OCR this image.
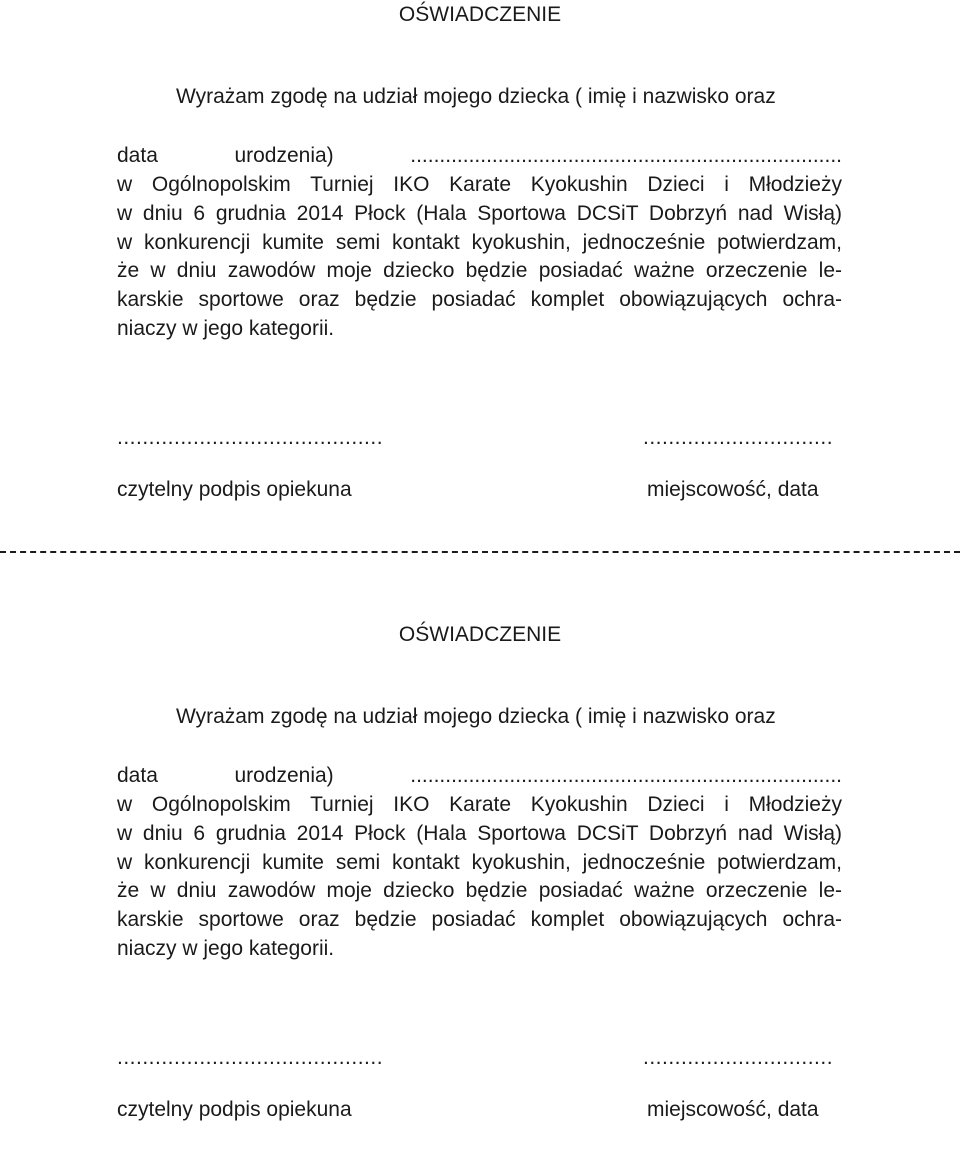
OŚWIADCZENIE
Wyrażam zgodę na udział mojego dziecka ( imię i nazwisko oraz
data urodzenia) ..........................................................................
w Ogólnopolskim Turniej IKO Karate Kyokushin Dzieci i Młodzieży
w dniu 6 grudnia 2014 Płock (Hala Sportowa DCSiT Dobrzyń nad Wisłą)
w konkurencji kumite semi kontakt kyokushin, jednocześnie potwierdzam,
że w dniu zawodów moje dziecko będzie posiadać ważne orzeczenie le-
karskie sportowe oraz będzie posiadać komplet obowiązujących ochra-
niaczy w jego kategorii.
..........................................	..............................
czytelny podpis opiekuna	miejscowość, data
OŚWIADCZENIE
Wyrażam zgodę na udział mojego dziecka ( imię i nazwisko oraz
data urodzenia) ..........................................................................
w Ogólnopolskim Turniej IKO Karate Kyokushin Dzieci i Młodzieży
w dniu 6 grudnia 2014 Płock (Hala Sportowa DCSiT Dobrzyń nad Wisłą)
w konkurencji kumite semi kontakt kyokushin, jednocześnie potwierdzam,
że w dniu zawodów moje dziecko będzie posiadać ważne orzeczenie le-
karskie sportowe oraz będzie posiadać komplet obowiązujących ochra-
niaczy w jego kategorii.
..........................................	..............................
czytelny podpis opiekuna	miejscowość, data
